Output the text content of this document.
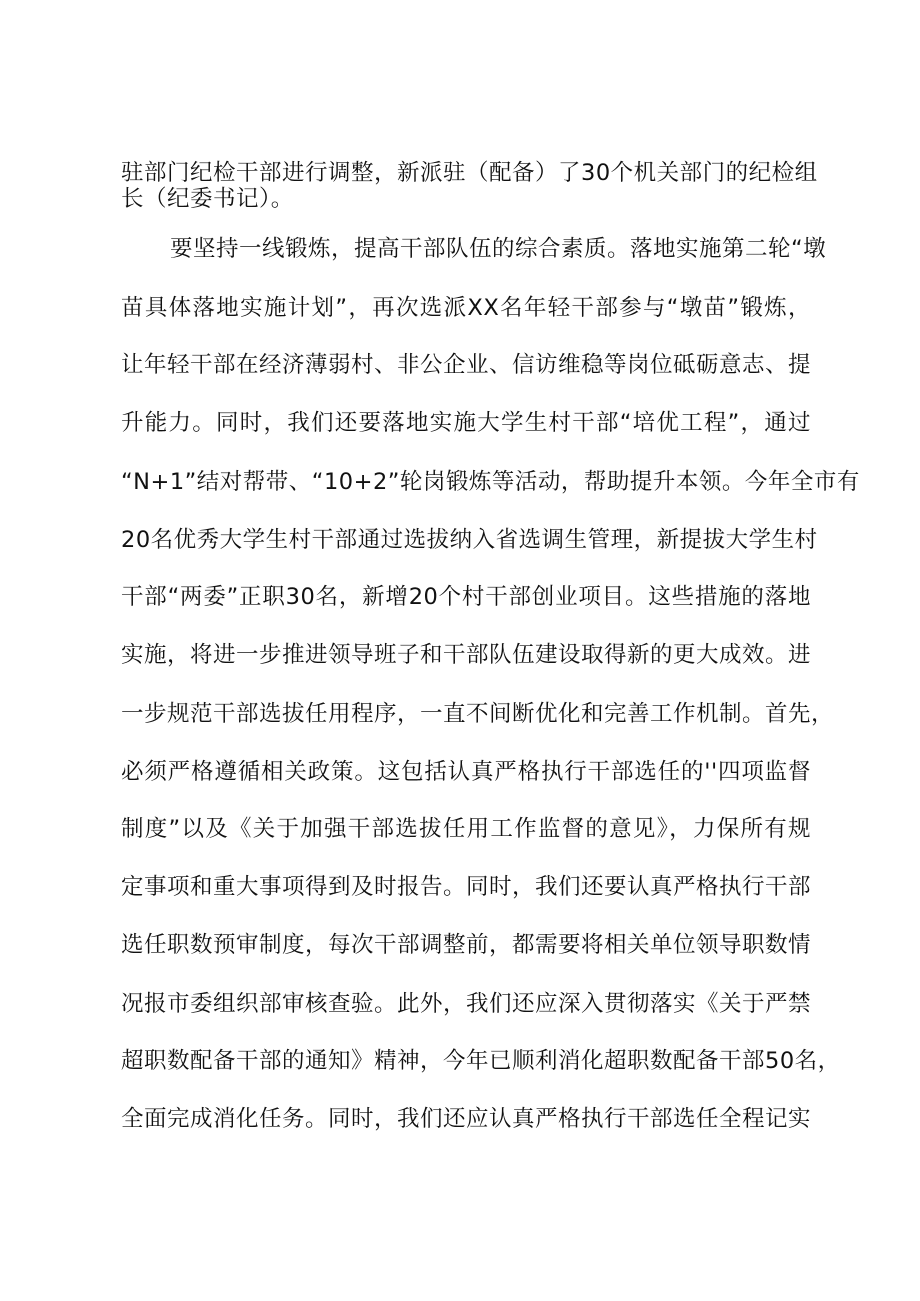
驻部门纪检干部进行调整，新派驻（配备）了30个机关部门的纪检组
长（纪委书记）。
要坚持一线锻炼，提高干部队伍的综合素质。落地实施第二轮“墩
苗具体落地实施计划”，再次选派XX名年轻干部参与“墩苗”锻炼，
让年轻干部在经济薄弱村、非公企业、信访维稳等岗位砥砺意志、提
升能力。同时，我们还要落地实施大学生村干部“培优工程”，通过
“N+1”结对帮带、“10+2”轮岗锻炼等活动，帮助提升本领。今年全市有
20名优秀大学生村干部通过选拔纳入省选调生管理，新提拔大学生村
干部“两委”正职30名，新增20个村干部创业项目。这些措施的落地
实施，将进一步推进领导班子和干部队伍建设取得新的更大成效。进
一步规范干部选拔任用程序，一直不间断优化和完善工作机制。首先，
必须严格遵循相关政策。这包括认真严格执行干部选任的''四项监督
制度”以及《关于加强干部选拔任用工作监督的意见》，力保所有规
定事项和重大事项得到及时报告。同时，我们还要认真严格执行干部
选任职数预审制度，每次干部调整前，都需要将相关单位领导职数情
况报市委组织部审核查验。此外，我们还应深入贯彻落实《关于严禁
超职数配备干部的通知》精神，今年已顺利消化超职数配备干部50名，
全面完成消化任务。同时，我们还应认真严格执行干部选任全程记实
